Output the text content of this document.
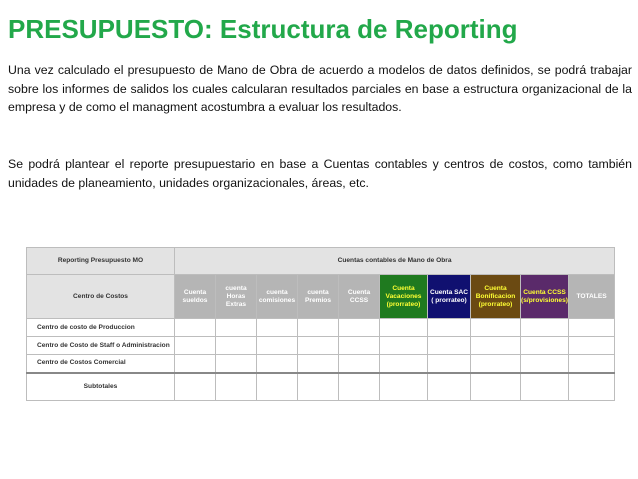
PRESUPUESTO: Estructura de Reporting

Una vez calculado el presupuesto de Mano de Obra de acuerdo a modelos de datos definidos, se podrá trabajar sobre los informes de salidos los cuales calcularan resultados parciales en base a estructura organizacional de la empresa y de como el managment acostumbra a evaluar los resultados.

Se podrá plantear el reporte presupuestario en base a Cuentas contables y centros de costos, como también unidades de planeamiento, unidades organizacionales, áreas, etc.

Reporting Presupuesto MO	Cuentas contables de Mano de Obra									
Centro de Costos	Cuenta sueldos	cuenta Horas Extras	cuenta comisiones	cuenta Premios	Cuenta CCSS	Cuenta Vacaciones (prorrateo)	Cuenta SAC ( prorrateo)	Cuenta Bonificacion (prorrateo)	Cuenta CCSS (s/provisiones)	TOTALES
Centro de costo de Produccion										
Centro de Costo de Staff o Administracion										
Centro de Costos Comercial										
Subtotales										
